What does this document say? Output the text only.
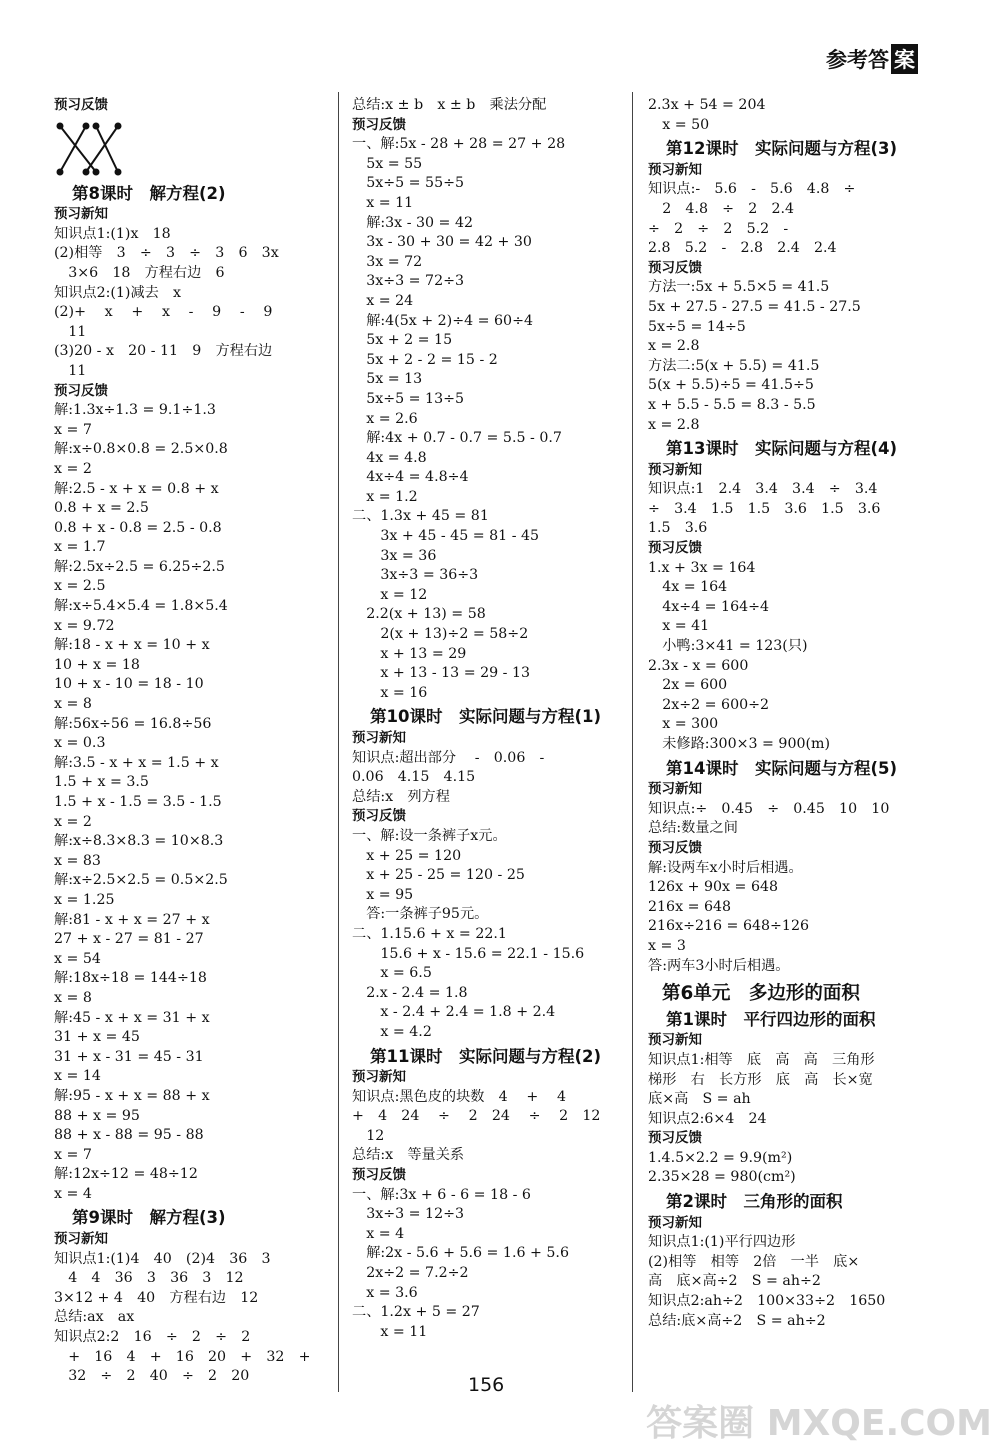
参考答 案
预习反馈
第8课时　解方程(2)
预习新知
知识点1:(1)x　18
(2)相等　3　÷　3　÷　3　6　3x
　3×6　18　方程右边　6
知识点2:(1)减去　x
(2)+　 x　 +　 x　 -　 9　 -　 9
　11
(3)20 - x　20 - 11　9　方程右边
　11
预习反馈
解:1.3x÷1.3 = 9.1÷1.3
x = 7
解:x÷0.8×0.8 = 2.5×0.8
x = 2
解:2.5 - x + x = 0.8 + x
0.8 + x = 2.5
0.8 + x - 0.8 = 2.5 - 0.8
x = 1.7
解:2.5x÷2.5 = 6.25÷2.5
x = 2.5
解:x÷5.4×5.4 = 1.8×5.4
x = 9.72
解:18 - x + x = 10 + x
10 + x = 18
10 + x - 10 = 18 - 10
x = 8
解:56x÷56 = 16.8÷56
x = 0.3
解:3.5 - x + x = 1.5 + x
1.5 + x = 3.5
1.5 + x - 1.5 = 3.5 - 1.5
x = 2
解:x÷8.3×8.3 = 10×8.3
x = 83
解:x÷2.5×2.5 = 0.5×2.5
x = 1.25
解:81 - x + x = 27 + x
27 + x - 27 = 81 - 27
x = 54
解:18x÷18 = 144÷18
x = 8
解:45 - x + x = 31 + x
31 + x = 45
31 + x - 31 = 45 - 31
x = 14
解:95 - x + x = 88 + x
88 + x = 95
88 + x - 88 = 95 - 88
x = 7
解:12x÷12 = 48÷12
x = 4
第9课时　解方程(3)
预习新知
知识点1:(1)4　40　(2)4　36　3
　4　4　36　3　36　3　12
3×12 + 4　40　方程右边　12
总结:ax　ax
知识点2:2　16　÷　2　÷　2
　+　16　4　+　16　20　+　32　+
　32　÷　2　40　÷　2　20
总结:x ± b　x ± b　乘法分配
预习反馈
一、解:5x - 28 + 28 = 27 + 28
　5x = 55
　5x÷5 = 55÷5
　x = 11
　解:3x - 30 = 42
　3x - 30 + 30 = 42 + 30
　3x = 72
　3x÷3 = 72÷3
　x = 24
　解:4(5x + 2)÷4 = 60÷4
　5x + 2 = 15
　5x + 2 - 2 = 15 - 2
　5x = 13
　5x÷5 = 13÷5
　x = 2.6
　解:4x + 0.7 - 0.7 = 5.5 - 0.7
　4x = 4.8
　4x÷4 = 4.8÷4
　x = 1.2
二、1.3x + 45 = 81
　　3x + 45 - 45 = 81 - 45
　　3x = 36
　　3x÷3 = 36÷3
　　x = 12
　2.2(x + 13) = 58
　　2(x + 13)÷2 = 58÷2
　　x + 13 = 29
　　x + 13 - 13 = 29 - 13
　　x = 16
第10课时　实际问题与方程(1)
预习新知
知识点:超出部分　 -　0.06　-
0.06　4.15　4.15
总结:x　列方程
预习反馈
一、解:设一条裤子x元。
　x + 25 = 120
　x + 25 - 25 = 120 - 25
　x = 95
　答:一条裤子95元。
二、1.15.6 + x = 22.1
　　15.6 + x - 15.6 = 22.1 - 15.6
　　x = 6.5
　2.x - 2.4 = 1.8
　　x - 2.4 + 2.4 = 1.8 + 2.4
　　x = 4.2
第11课时　实际问题与方程(2)
预习新知
知识点:黑色皮的块数　4　 +　 4
+　4　24　 ÷　 2　24　 ÷　 2　12
　12
总结:x　等量关系
预习反馈
一、解:3x + 6 - 6 = 18 - 6
　3x÷3 = 12÷3
　x = 4
　解:2x - 5.6 + 5.6 = 1.6 + 5.6
　2x÷2 = 7.2÷2
　x = 3.6
二、1.2x + 5 = 27
　　x = 11
2.3x + 54 = 204
　x = 50
第12课时　实际问题与方程(3)
预习新知
知识点:-　5.6　-　5.6　4.8　÷
　2　4.8　÷　2　2.4
÷　2　÷　2　5.2　-
2.8　5.2　-　2.8　2.4　2.4
预习反馈
方法一:5x + 5.5×5 = 41.5
5x + 27.5 - 27.5 = 41.5 - 27.5
5x÷5 = 14÷5
x = 2.8
方法二:5(x + 5.5) = 41.5
5(x + 5.5)÷5 = 41.5÷5
x + 5.5 - 5.5 = 8.3 - 5.5
x = 2.8
第13课时　实际问题与方程(4)
预习新知
知识点:1　2.4　3.4　3.4　÷　3.4
÷　3.4　1.5　1.5　3.6　1.5　3.6
1.5　3.6
预习反馈
1.x + 3x = 164
　4x = 164
　4x÷4 = 164÷4
　x = 41
　小鸭:3×41 = 123(只)
2.3x - x = 600
　2x = 600
　2x÷2 = 600÷2
　x = 300
　未修路:300×3 = 900(m)
第14课时　实际问题与方程(5)
预习新知
知识点:÷　0.45　÷　0.45　10　10
总结:数量之间
预习反馈
解:设两车x小时后相遇。
126x + 90x = 648
216x = 648
216x÷216 = 648÷126
x = 3
答:两车3小时后相遇。
第6单元　多边形的面积
第1课时　平行四边形的面积
预习新知
知识点1:相等　底　高　高　三角形
梯形　右　长方形　底　高　长×宽
底×高　S = ah
知识点2:6×4　24
预习反馈
1.4.5×2.2 = 9.9(m²)
2.35×28 = 980(cm²)
第2课时　三角形的面积
预习新知
知识点1:(1)平行四边形
(2)相等　相等　2倍　一半　底×
高　底×高÷2　S = ah÷2
知识点2:ah÷2　100×33÷2　1650
总结:底×高÷2　S = ah÷2
156
答案圈 MXQE.COM
